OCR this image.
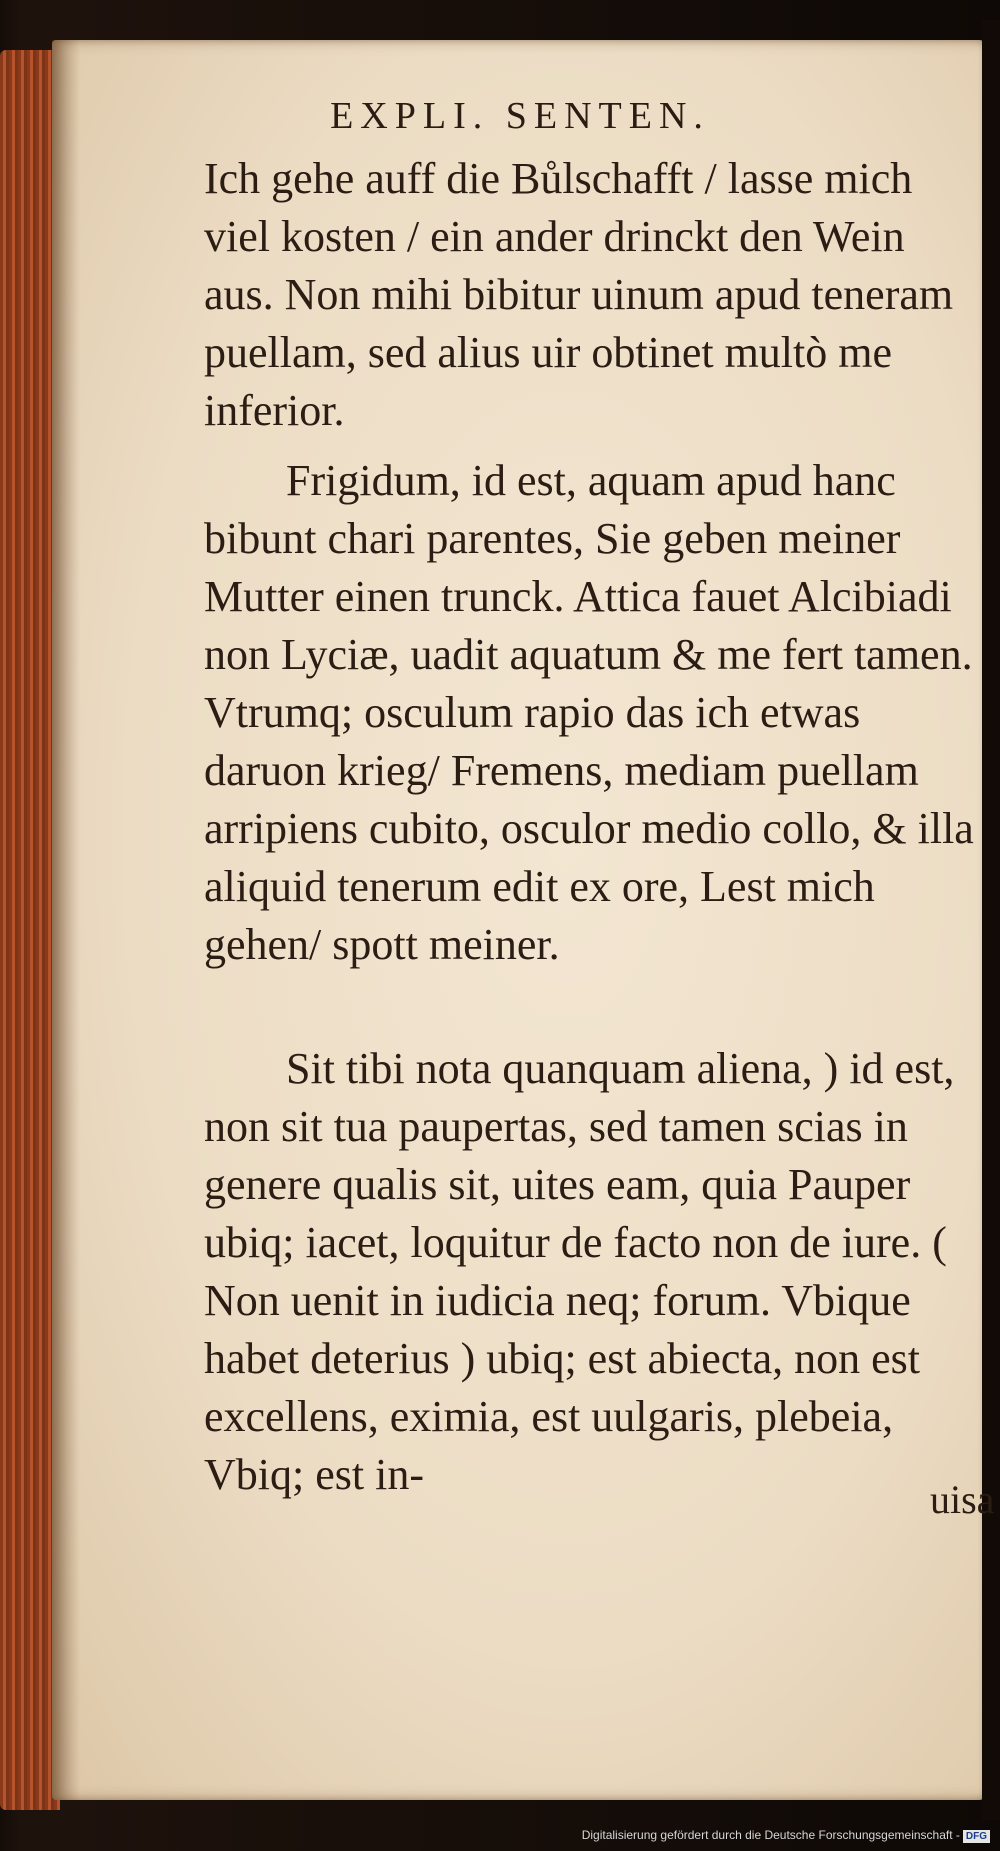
EXPLI. SENTEN.

Ich gehe auff die Bůlschafft / lasse mich viel kosten / ein ander drinckt den Wein aus. Non mihi bibitur uinum apud teneram puellam, sed alius uir obtinet multò me inferior.

Frigidum, id est, aquam apud hanc bibunt chari parentes, Sie geben meiner Mutter einen trunck. Attica fauet Alcibiadi non Lyciæ, uadit aquatum & me fert tamen. Vtrumq; osculum rapio das ich etwas daruon krieg/ Fremens, mediam puellam arripiens cubito, osculor medio collo, & illa aliquid tenerum edit ex ore, Lest mich gehen/ spott meiner.

Sit tibi nota quanquam aliena, ) id est, non sit tua paupertas, sed tamen scias in genere qualis sit, uites eam, quia Pauper ubiq; iacet, loquitur de facto non de iure. ( Non uenit in iudicia neq; forum. Vbique habet deterius ) ubiq; est abiecta, non est excellens, eximia, est uulgaris, plebeia, Vbiq; est in-

uisa
Digitalisierung gefördert durch die Deutsche Forschungsgemeinschaft - DFG
